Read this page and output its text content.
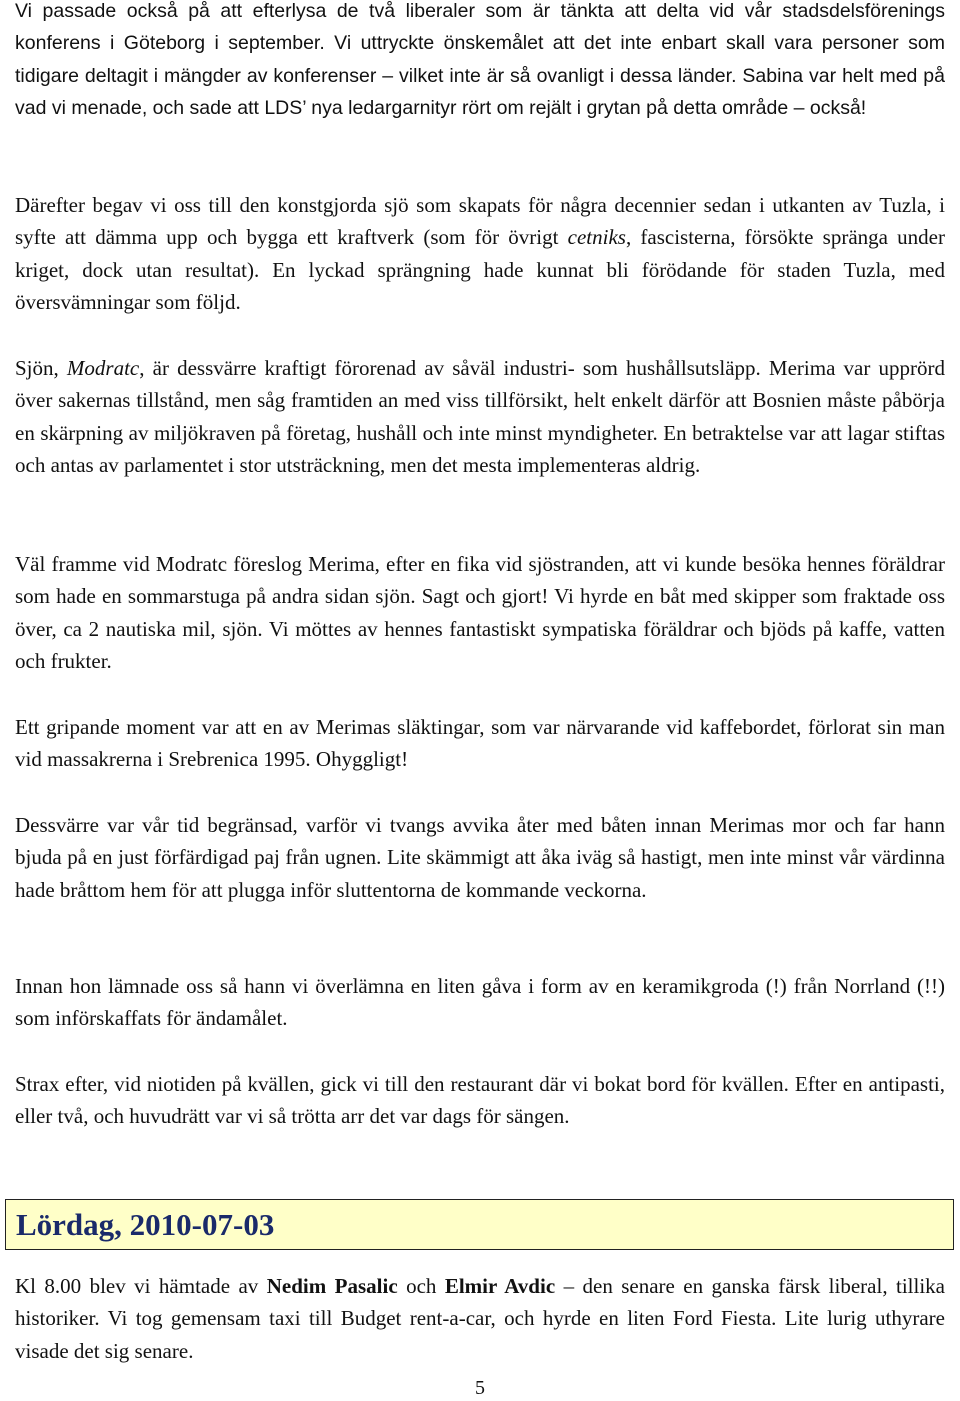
Vi passade också på att efterlysa de två liberaler som är tänkta att delta vid vår stadsdelsförenings konferens i Göteborg i september. Vi uttryckte önskemålet att det inte enbart skall vara personer som tidigare deltagit i mängder av konferenser – vilket inte är så ovanligt i dessa länder. Sabina var helt med på vad vi menade, och sade att LDS’ nya ledargarnityr rört om rejält i grytan på detta område – också!

Därefter begav vi oss till den konstgjorda sjö som skapats för några decennier sedan i utkanten av Tuzla, i syfte att dämma upp och bygga ett kraftverk (som för övrigt cetniks, fascisterna, försökte spränga under kriget, dock utan resultat). En lyckad sprängning hade kunnat bli förödande för staden Tuzla, med översvämningar som följd.

Sjön, Modratc, är dessvärre kraftigt förorenad av såväl industri- som hushållsutsläpp. Merima var upprörd över sakernas tillstånd, men såg framtiden an med viss tillförsikt, helt enkelt därför att Bosnien måste påbörja en skärpning av miljökraven på företag, hushåll och inte minst myndigheter. En betraktelse var att lagar stiftas och antas av parlamentet i stor utsträckning, men det mesta implementeras aldrig.

Väl framme vid Modratc föreslog Merima, efter en fika vid sjöstranden, att vi kunde besöka hennes föräldrar som hade en sommarstuga på andra sidan sjön. Sagt och gjort! Vi hyrde en båt med skipper som fraktade oss över, ca 2 nautiska mil, sjön. Vi möttes av hennes fantastiskt sympatiska föräldrar och bjöds på kaffe, vatten och frukter.

Ett gripande moment var att en av Merimas släktingar, som var närvarande vid kaffebordet, förlorat sin man vid massakrerna i Srebrenica 1995. Ohyggligt!

Dessvärre var vår tid begränsad, varför vi tvangs avvika åter med båten innan Merimas mor och far hann bjuda på en just förfärdigad paj från ugnen. Lite skämmigt att åka iväg så hastigt, men inte minst vår värdinna hade bråttom hem för att plugga inför sluttentorna de kommande veckorna.

Innan hon lämnade oss så hann vi överlämna en liten gåva i form av en keramikgroda (!) från Norrland (!!) som införskaffats för ändamålet.

Strax efter, vid niotiden på kvällen, gick vi till den restaurant där vi bokat bord för kvällen. Efter en antipasti, eller två, och huvudrätt var vi så trötta arr det var dags för sängen.

Kl 8.00 blev vi hämtade av Nedim Pasalic och Elmir Avdic – den senare en ganska färsk liberal, tillika historiker. Vi tog gemensam taxi till Budget rent-a-car, och hyrde en liten Ford Fiesta. Lite lurig uthyrare visade det sig senare.

Lördag, 2010-07-03
5
